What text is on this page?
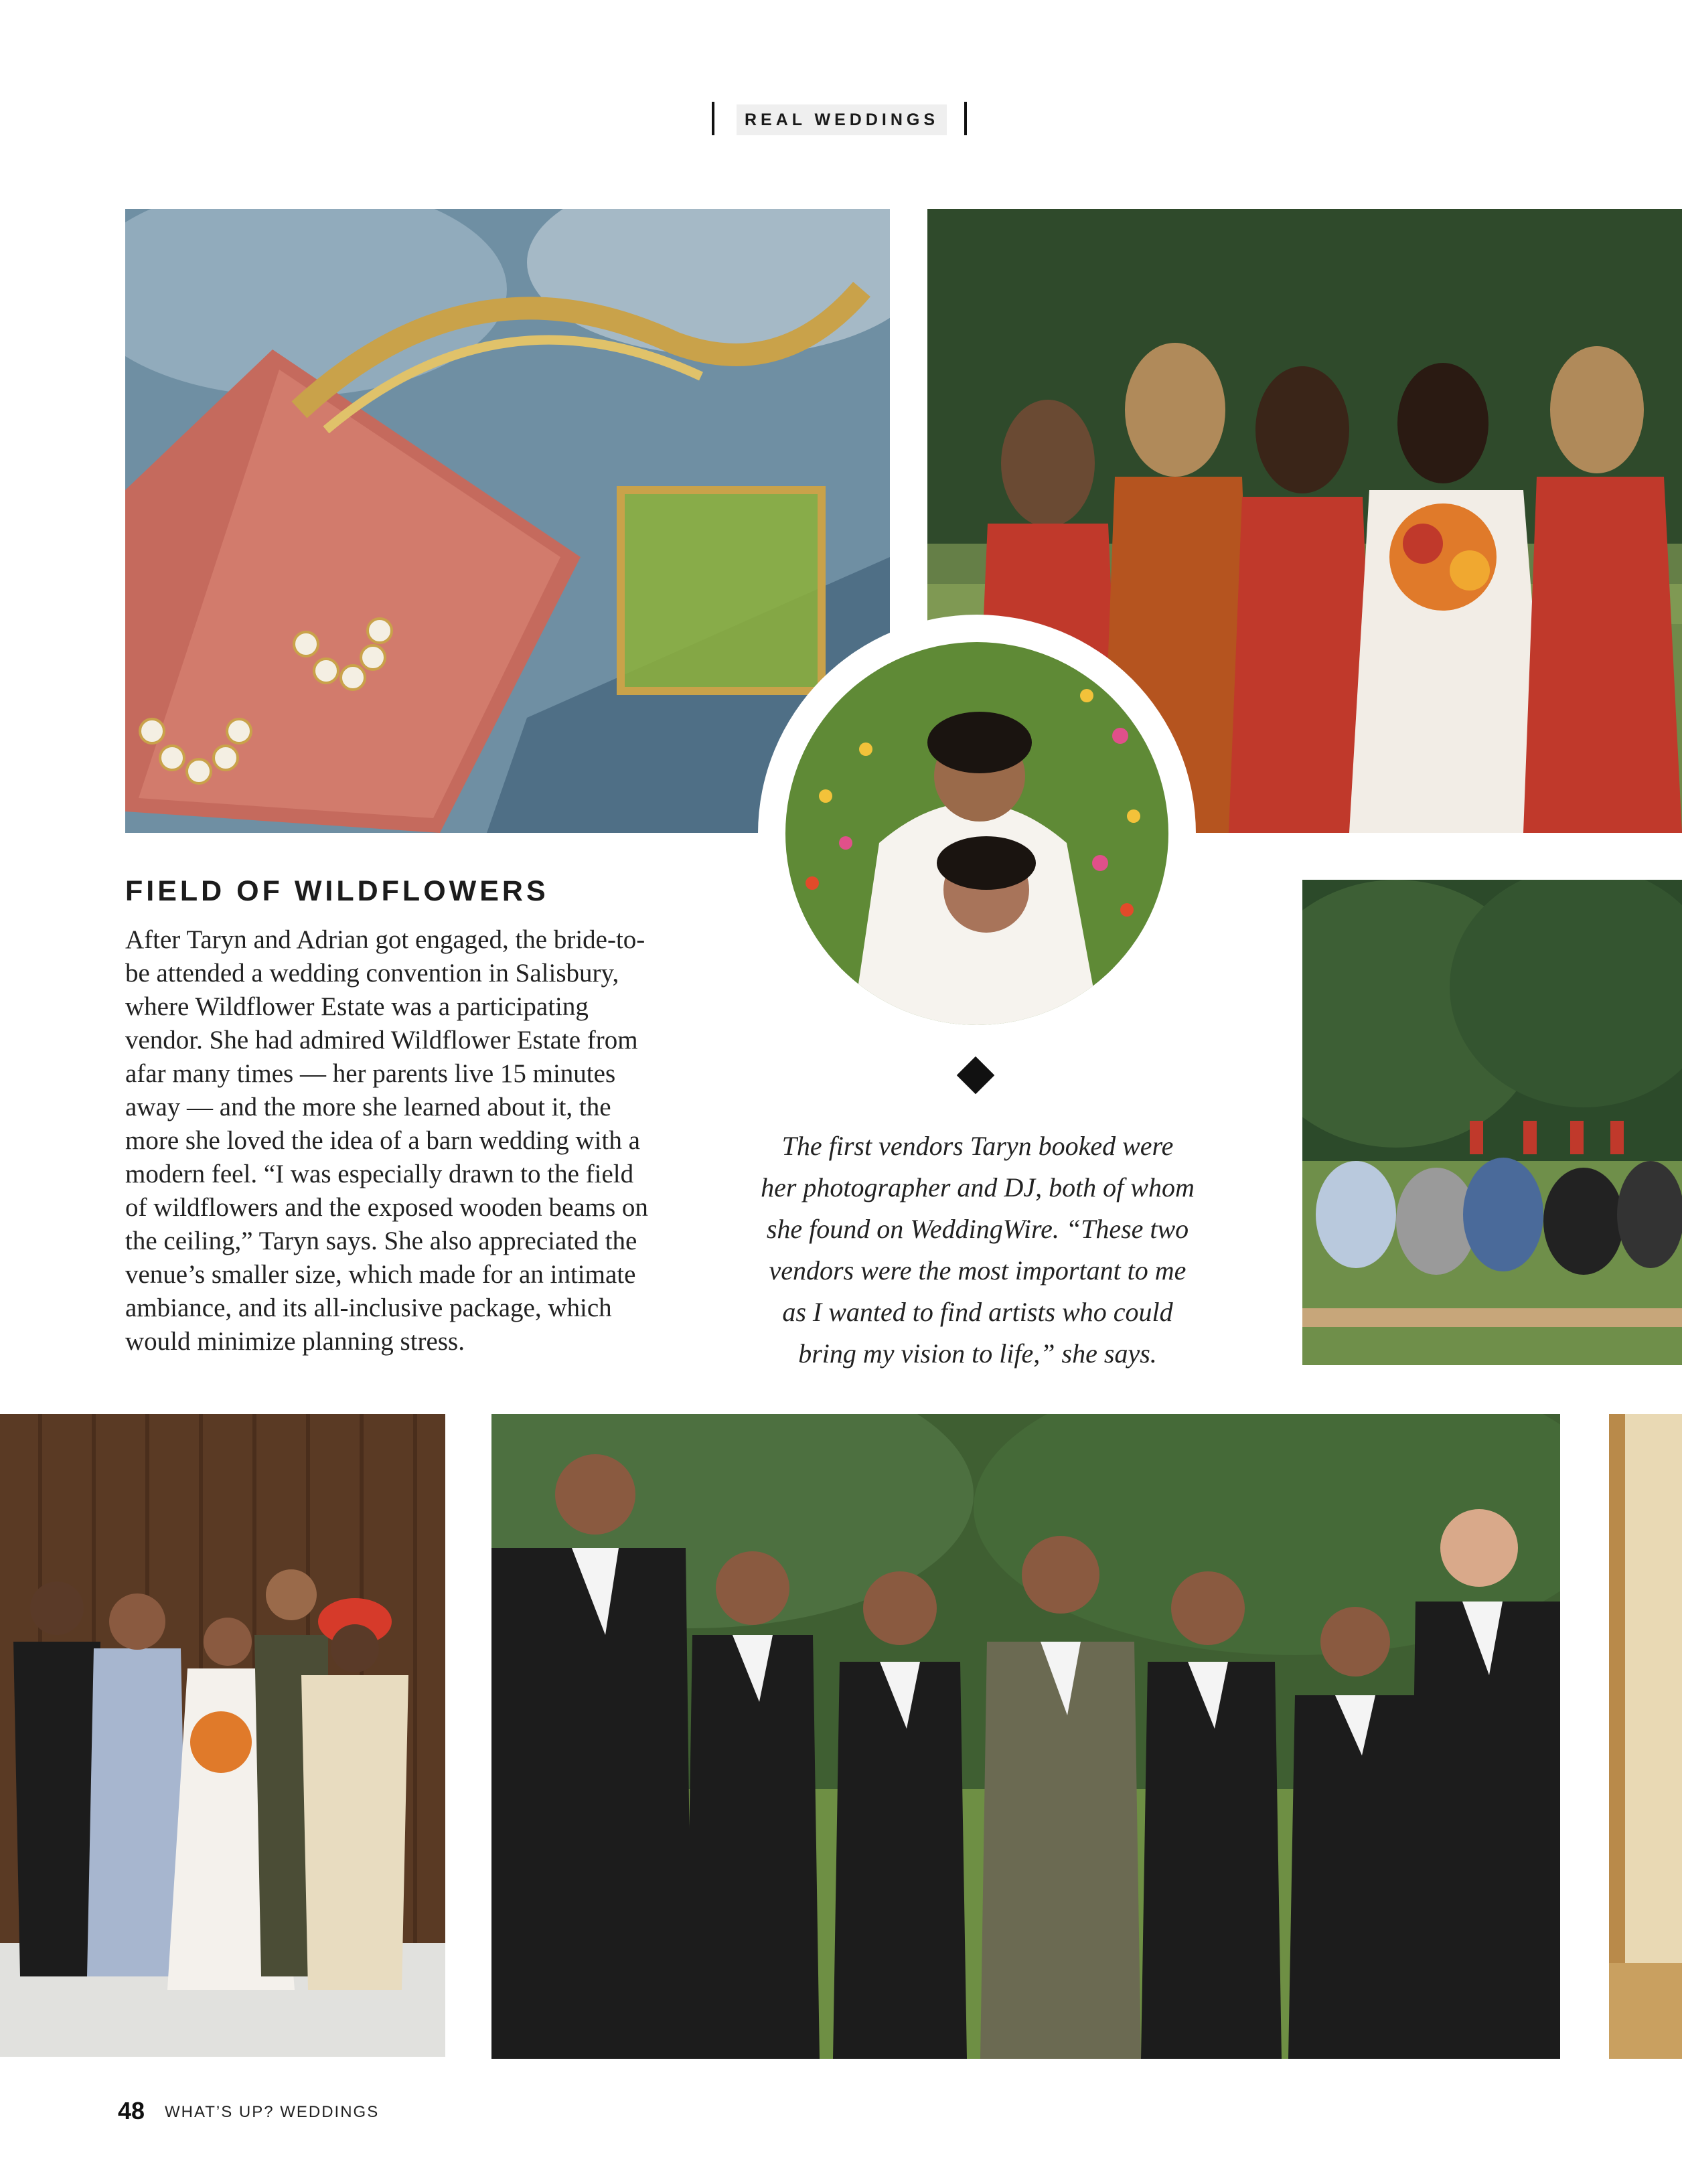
REAL WEDDINGS
FIELD OF WILDFLOWERS
After Taryn and Adrian got engaged, the bride-to-
be attended a wedding convention in Salisbury,
where Wildflower Estate was a participating
vendor. She had admired Wildflower Estate from
afar many times — her parents live 15 minutes
away — and the more she learned about it, the
more she loved the idea of a barn wedding with a
modern feel. “I was especially drawn to the field
of wildflowers and the exposed wooden beams on
the ceiling,” Taryn says. She also appreciated the
venue’s smaller size, which made for an intimate
ambiance, and its all-inclusive package, which
would minimize planning stress.
The first vendors Taryn booked were
her photographer and DJ, both of whom
she found on WeddingWire. “These two
vendors were the most important to me
as I wanted to find artists who could
bring my vision to life,” she says.
48 WHAT’S UP? WEDDINGS
